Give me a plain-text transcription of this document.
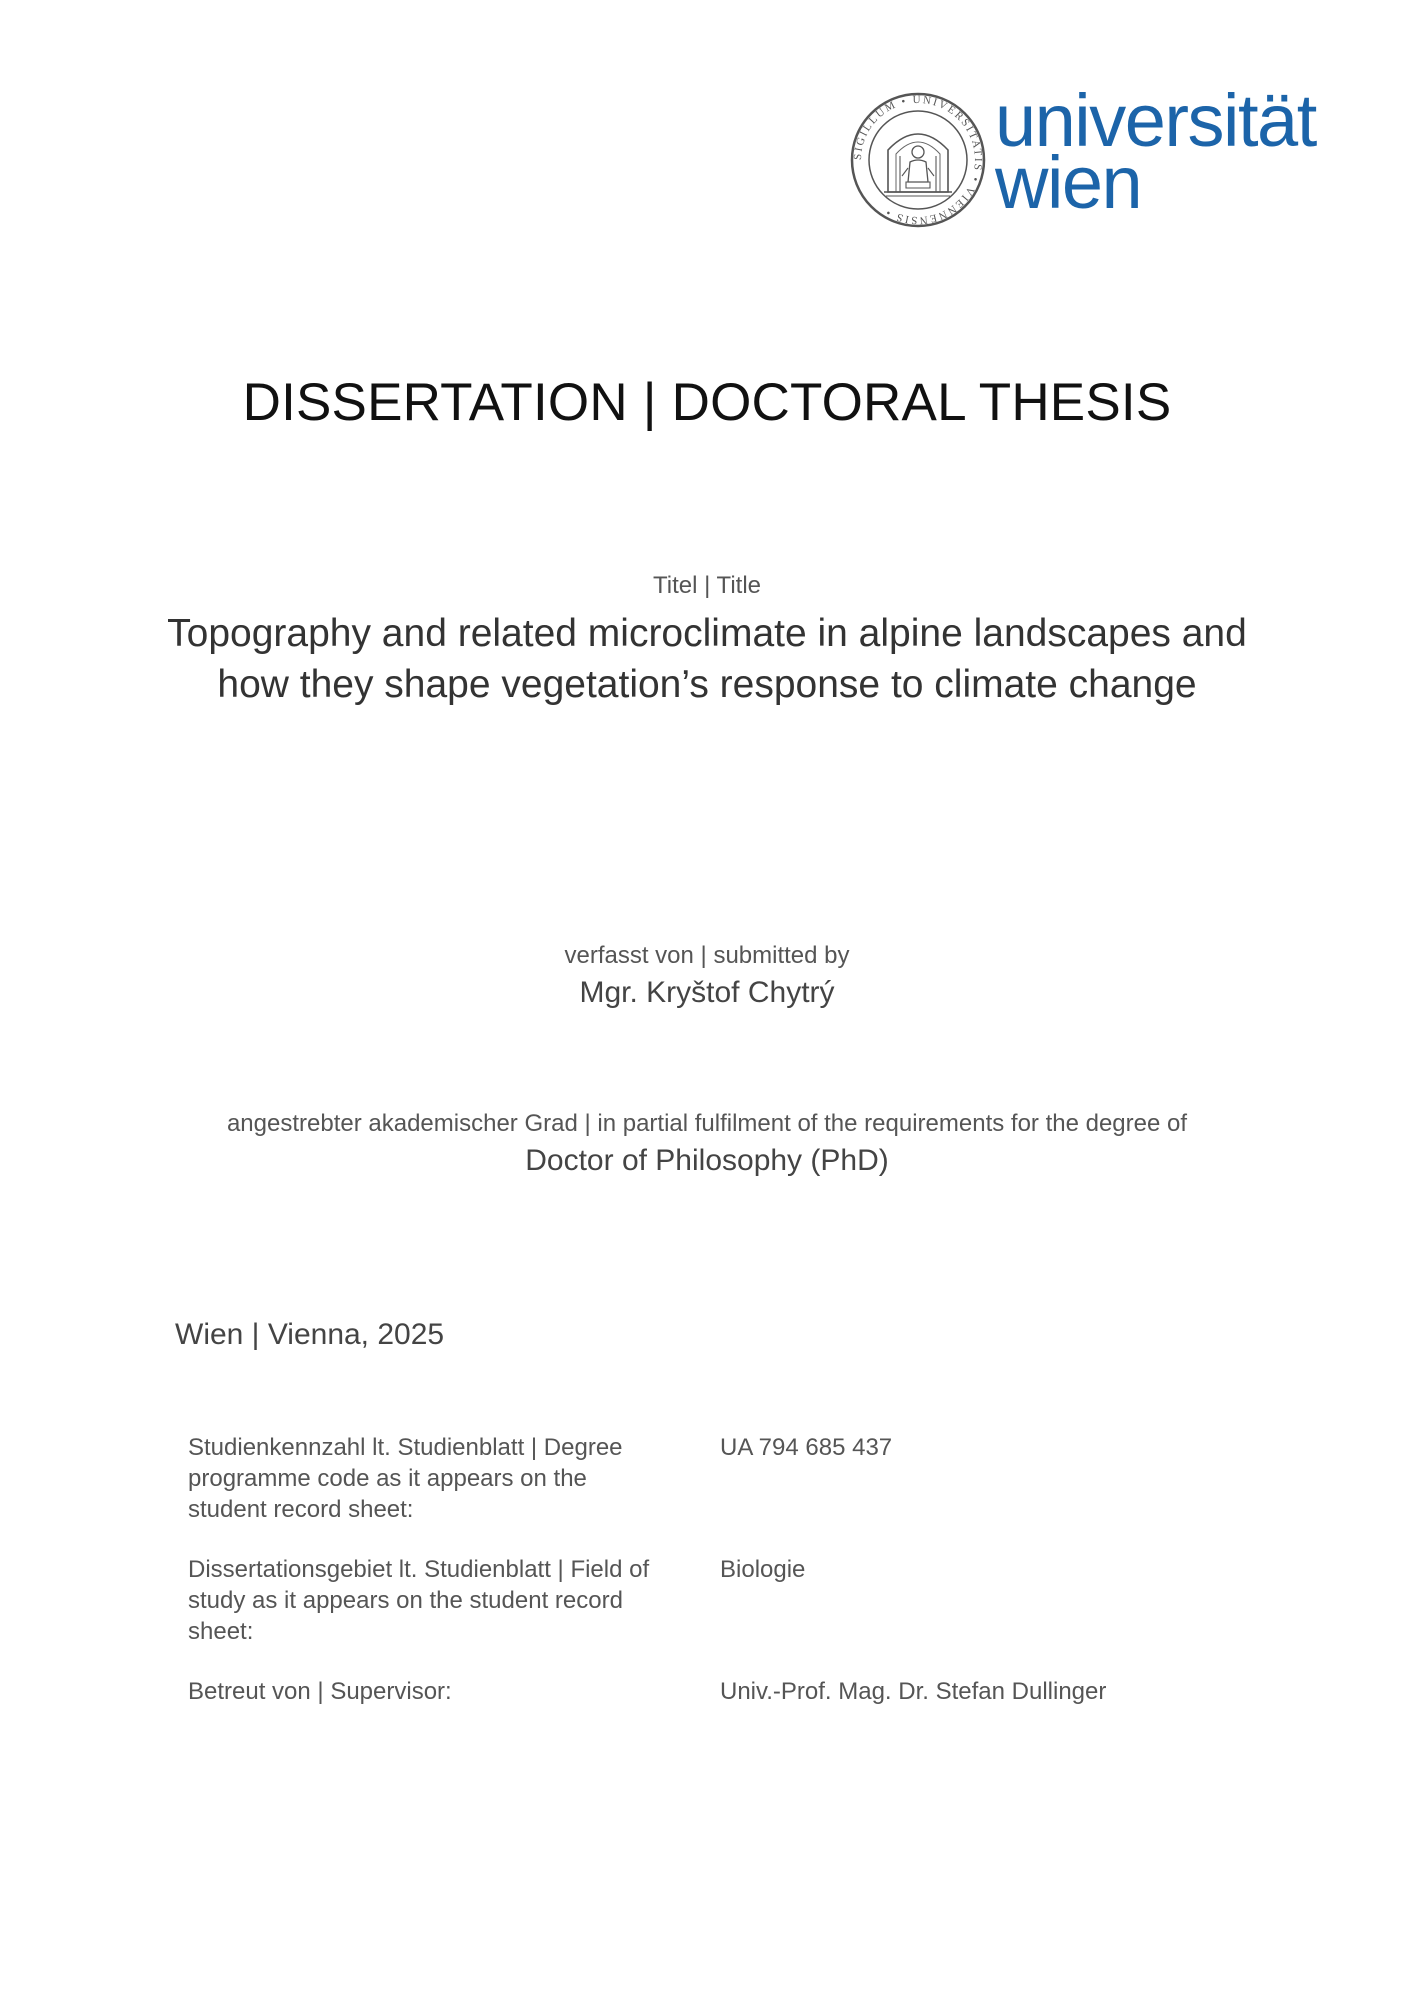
SIGILLUM • UNIVERSITATIS • VIENNENSIS •
universität
wien
DISSERTATION | DOCTORAL THESIS
Titel | Title
Topography and related microclimate in alpine landscapes and
how they shape vegetation’s response to climate change
verfasst von | submitted by
Mgr. Kryštof Chytrý
angestrebter akademischer Grad | in partial fulfilment of the requirements for the degree of
Doctor of Philosophy (PhD)
Wien | Vienna, 2025
Studienkennzahl lt. Studienblatt | Degree
programme code as it appears on the
student record sheet:
UA 794 685 437
Dissertationsgebiet lt. Studienblatt | Field of
study as it appears on the student record
sheet:
Biologie
Betreut von | Supervisor:	Univ.-Prof. Mag. Dr. Stefan Dullinger
